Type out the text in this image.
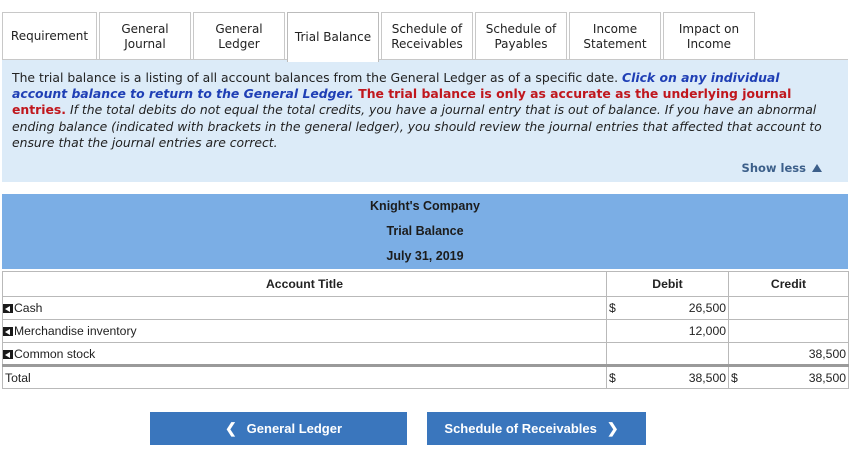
Requirement
General
Journal
General
Ledger	Trial Balance
Schedule of
Receivables
Schedule of
Payables
Income
Statement
Impact on
Income

The trial balance is a listing of all account balances from the General Ledger as of a specific date. Click on any individual account balance to return to the General Ledger. The trial balance is only as accurate as the underlying journal entries. If the total debits do not equal the total credits, you have a journal entry that is out of balance. If you have an abnormal ending balance (indicated with brackets in the general ledger), you should review the journal entries that affected that account to ensure that the journal entries are correct.

Show less
Knight's Company
Trial Balance
July 31, 2019
Account Title	Debit		Credit	
Cash	$	26,500		
Merchandise inventory		12,000		
Common stock				38,500
Total	$	38,500	$	38,500
❮ General Ledger	Schedule of Receivables ❯
